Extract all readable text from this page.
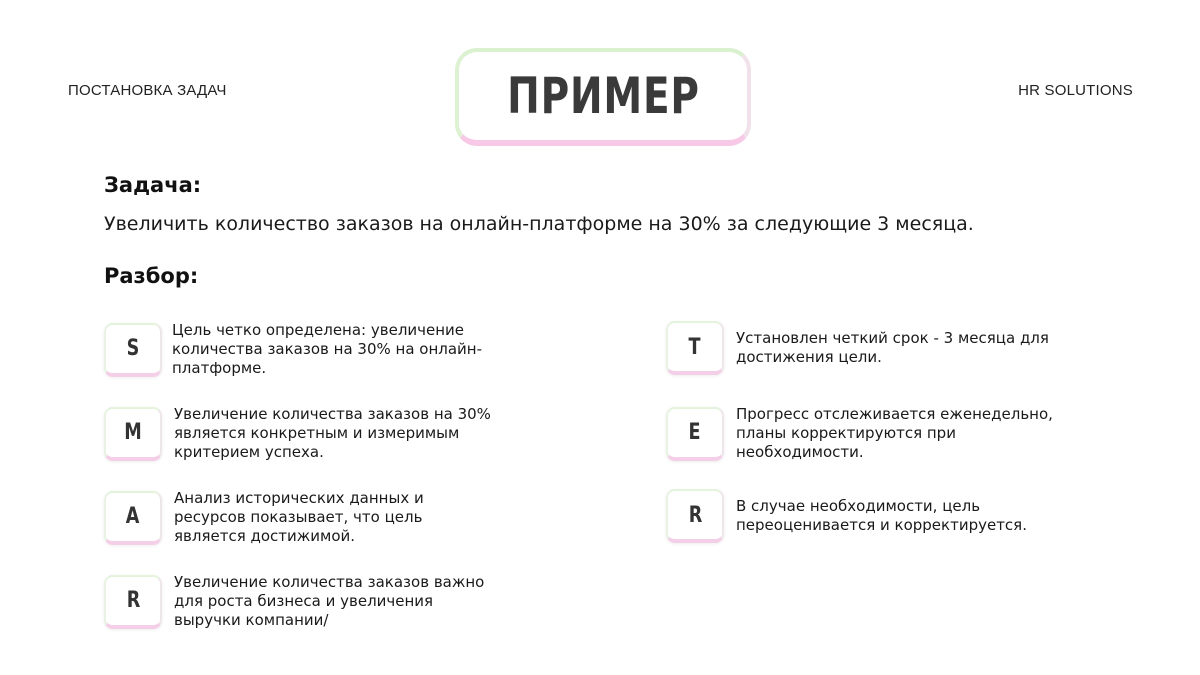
ПОСТАНОВКА ЗАДАЧ	HR SOLUTIONS
ПРИМЕР
Задача:
Увеличить количество заказов на онлайн-платформе на 30% за следующие 3 месяца.
Разбор:
S
Цель четко определена: увеличение количества заказов на 30% на онлайн-платформе.
M
Увеличение количества заказов на 30% является конкретным и измеримым критерием успеха.
A
Анализ исторических данных и ресурсов показывает, что цель является достижимой.
R
Увеличение количества заказов важно для роста бизнеса и увеличения выручки компании/
T Установлен четкий срок - 3 месяца для достижения цели.
E
Прогресс отслеживается еженедельно, планы корректируются при необходимости.
R В случае необходимости, цель переоценивается и корректируется.
